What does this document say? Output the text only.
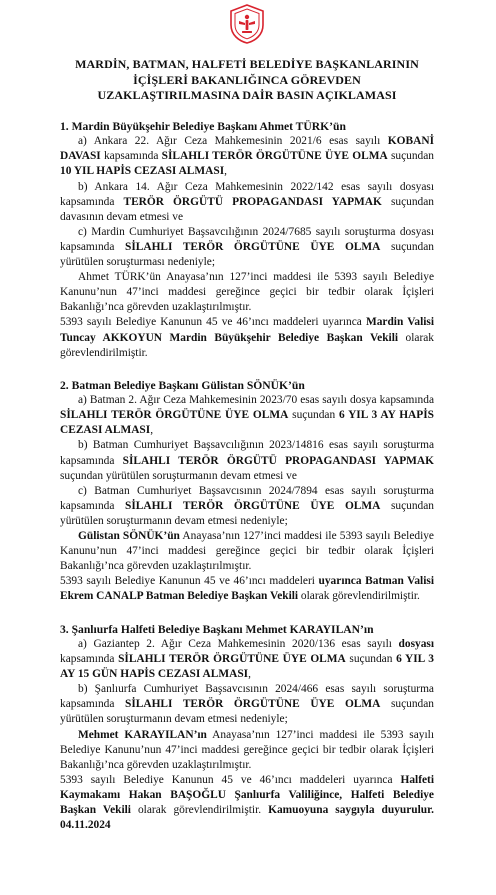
MARDİN, BATMAN, HALFETİ BELEDİYE BAŞKANLARININ
İÇİŞLERİ BAKANLIĞINCA GÖREVDEN
UZAKLAŞTIRILMASINA DAİR BASIN AÇIKLAMASI
1. Mardin Büyükşehir Belediye Başkanı Ahmet TÜRK’ün

a) Ankara 22. Ağır Ceza Mahkemesinin 2021/6 esas sayılı KOBANİ DAVASI kapsamında SİLAHLI TERÖR ÖRGÜTÜNE ÜYE OLMA suçundan 10 YIL HAPİS CEZASI ALMASI,

b) Ankara 14. Ağır Ceza Mahkemesinin 2022/142 esas sayılı dosyası kapsamında TERÖR ÖRGÜTÜ PROPAGANDASI YAPMAK suçundan davasının devam etmesi ve

c) Mardin Cumhuriyet Başsavcılığının 2024/7685 sayılı soruşturma dosyası kapsamında SİLAHLI TERÖR ÖRGÜTÜNE ÜYE OLMA suçundan yürütülen soruşturması nedeniyle;

Ahmet TÜRK’ün Anayasa’nın 127’inci maddesi ile 5393 sayılı Belediye Kanunu’nun 47’inci maddesi gereğince geçici bir tedbir olarak İçişleri Bakanlığı’nca görevden uzaklaştırılmıştır.

5393 sayılı Belediye Kanunun 45 ve 46’ıncı maddeleri uyarınca Mardin Valisi Tuncay AKKOYUN Mardin Büyükşehir Belediye Başkan Vekili olarak görevlendirilmiştir.

2. Batman Belediye Başkanı Gülistan SÖNÜK’ün

a) Batman 2. Ağır Ceza Mahkemesinin 2023/70 esas sayılı dosya kapsamında SİLAHLI TERÖR ÖRGÜTÜNE ÜYE OLMA suçundan 6 YIL 3 AY HAPİS CEZASI ALMASI,

b) Batman Cumhuriyet Başsavcılığının 2023/14816 esas sayılı soruşturma kapsamında SİLAHLI TERÖR ÖRGÜTÜ PROPAGANDASI YAPMAK suçundan yürütülen soruşturmanın devam etmesi ve

c) Batman Cumhuriyet Başsavcısının 2024/7894 esas sayılı soruşturma kapsamında SİLAHLI TERÖR ÖRGÜTÜNE ÜYE OLMA suçundan yürütülen soruşturmanın devam etmesi nedeniyle;

Gülistan SÖNÜK’ün Anayasa’nın 127’inci maddesi ile 5393 sayılı Belediye Kanunu’nun 47’inci maddesi gereğince geçici bir tedbir olarak İçişleri Bakanlığı’nca görevden uzaklaştırılmıştır.

5393 sayılı Belediye Kanunun 45 ve 46’ıncı maddeleri uyarınca Batman Valisi Ekrem CANALP Batman Belediye Başkan Vekili olarak görevlendirilmiştir.

3. Şanlıurfa Halfeti Belediye Başkanı Mehmet KARAYILAN’ın

a) Gaziantep 2. Ağır Ceza Mahkemesinin 2020/136 esas sayılı dosyası kapsamında SİLAHLI TERÖR ÖRGÜTÜNE ÜYE OLMA suçundan 6 YIL 3 AY 15 GÜN HAPİS CEZASI ALMASI,

b) Şanlıurfa Cumhuriyet Başsavcısının 2024/466 esas sayılı soruşturma kapsamında SİLAHLI TERÖR ÖRGÜTÜNE ÜYE OLMA suçundan yürütülen soruşturmanın devam etmesi nedeniyle;

Mehmet KARAYILAN’ın Anayasa’nın 127’inci maddesi ile 5393 sayılı Belediye Kanunu’nun 47’inci maddesi gereğince geçici bir tedbir olarak İçişleri Bakanlığı’nca görevden uzaklaştırılmıştır.

5393 sayılı Belediye Kanunun 45 ve 46’ıncı maddeleri uyarınca Halfeti Kaymakamı Hakan BAŞOĞLU Şanlıurfa Valiliğince, Halfeti Belediye Başkan Vekili olarak görevlendirilmiştir. Kamuoyuna saygıyla duyurulur. 04.11.2024
